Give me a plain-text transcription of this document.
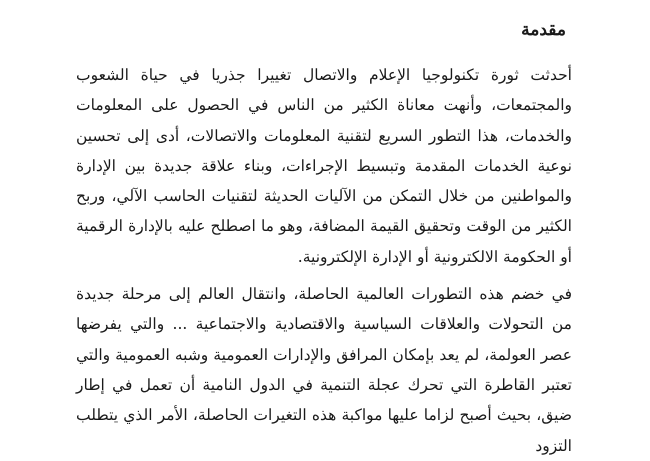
مقدمة

أحدثت ثورة تكنولوجيا الإعلام والاتصال تغييرا جذريا في حياة الشعوب والمجتمعات، وأنهت معاناة الكثير من الناس في الحصول على المعلومات والخدمات، هذا التطور السريع لتقنية المعلومات والاتصالات، أدى إلى تحسين نوعية الخدمات المقدمة وتبسيط الإجراءات، وبناء علاقة جديدة بين الإدارة والمواطنين من خلال التمكن من الآليات الحديثة لتقنيات الحاسب الآلي، وربح الكثير من الوقت وتحقيق القيمة المضافة، وهو ما اصطلح عليه بالإدارة الرقمية أو الحكومة الالكترونية أو الإدارة الإلكترونية.

في خضم هذه التطورات العالمية الحاصلة، وانتقال العالم إلى مرحلة جديدة من التحولات والعلاقات السياسية والاقتصادية والاجتماعية ... والتي يفرضها عصر العولمة، لم يعد بإمكان المرافق والإدارات العمومية وشبه العمومية والتي تعتبر القاطرة التي تحرك عجلة التنمية في الدول النامية أن تعمل في إطار ضيق، بحيث أصبح لزاما عليها مواكبة هذه التغيرات الحاصلة، الأمر الذي يتطلب التزود
